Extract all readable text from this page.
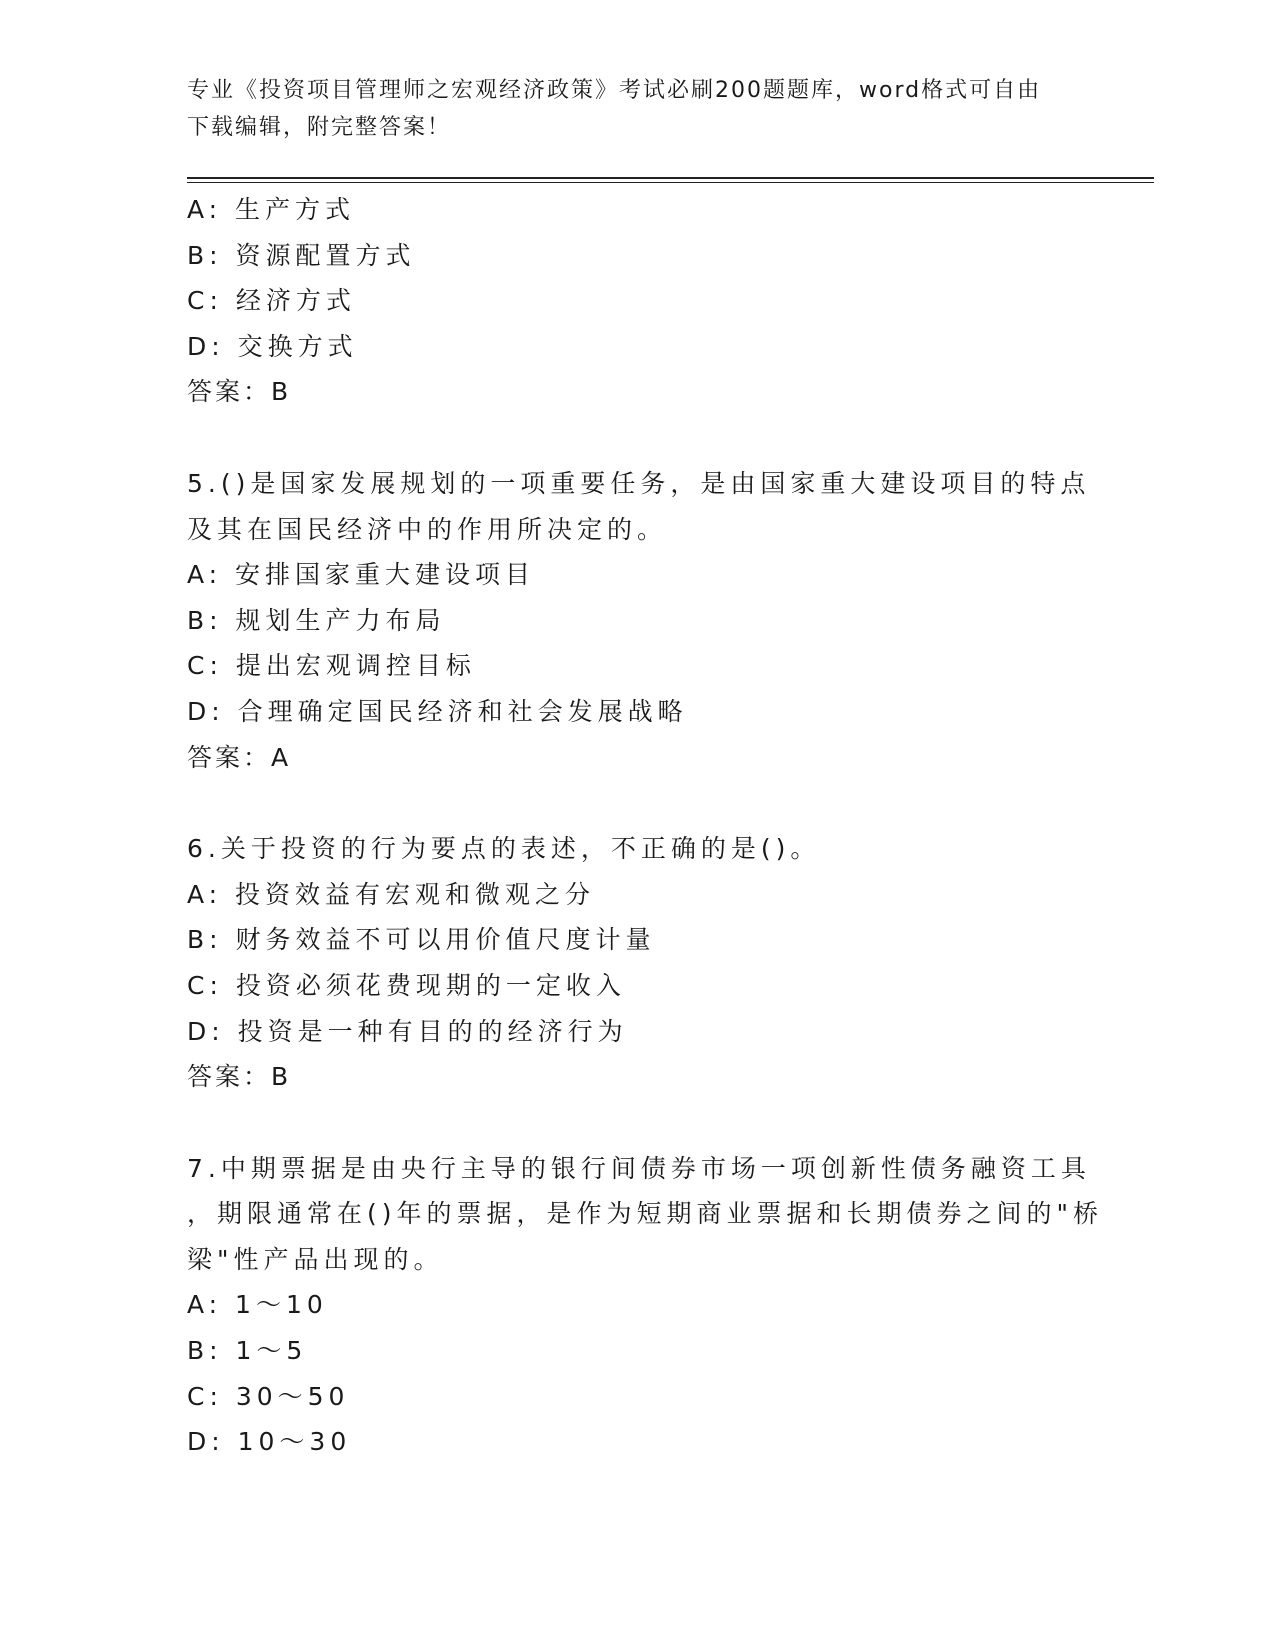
专业《投资项目管理师之宏观经济政策》考试必刷200题题库，word格式可自由
下载编辑，附完整答案！
A: 生产方式
B: 资源配置方式
C: 经济方式
D: 交换方式
答案：B
5.()是国家发展规划的一项重要任务，是由国家重大建设项目的特点
及其在国民经济中的作用所决定的。
A: 安排国家重大建设项目
B: 规划生产力布局
C: 提出宏观调控目标
D: 合理确定国民经济和社会发展战略
答案：A
6.关于投资的行为要点的表述，不正确的是()。
A: 投资效益有宏观和微观之分
B: 财务效益不可以用价值尺度计量
C: 投资必须花费现期的一定收入
D: 投资是一种有目的的经济行为
答案：B
7.中期票据是由央行主导的银行间债券市场一项创新性债务融资工具
，期限通常在()年的票据，是作为短期商业票据和长期债券之间的"桥
梁"性产品出现的。
A: 1～10
B: 1～5
C: 30～50
D: 10～30
